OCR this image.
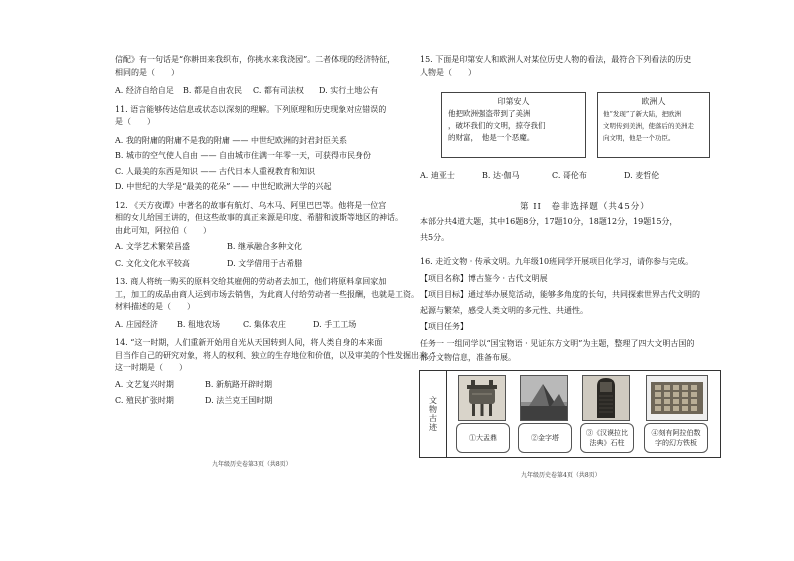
信配》有一句话是“你耕田来我织布，你挑水来我浇园”。二者体现的经济特征，

相同的是（　　）

A. 经济自给自足	B. 都是自由农民	C. 都有司法权	D. 实行土地公有

11. 语言能够传达信息或状态以深刻的理解。下列原理和历史现象对应错误的

是（　　）

A. 我的附庸的附庸不是我的附庸 —— 中世纪欧洲的封君封臣关系

B. 城市的空气使人自由 —— 自由城市住满一年零一天，可获得市民身份

C. 人最美的东西是知识 —— 古代日本人重视教育和知识

D. 中世纪的大学是“最美的花朵” —— 中世纪欧洲大学的兴起

12. 《天方夜谭》中著名的故事有航灯、乌木马、阿里巴巴等。他将是一位宫

相的女儿给国王讲的，但这些故事的真正来源是印度、希腊和波斯等地区的神话。

由此可知，阿拉伯（　　）

A. 文学艺术繁荣昌盛	B. 继承融合多种文化
C. 文化文化水平较高	D. 文学借用于古希腊

13. 商人将统一购买的原料交给其雇佣的劳动者去加工，他们将原料拿回家加

工，加工的成品由商人运到市场去销售，为此商人付给劳动者一些报酬，也就是工资。

材料描述的是（　　）

A. 庄园经济	B. 租地农场	C. 集体农庄	D. 手工工场

14. “这一时期，人们重新开始用自光从天国转到人间，将人类自身的本来面

目当作自己的研究对象，将人的权利、独立的生存地位和价值，以及审美的个性发掘出来。”

这一时期是（　　）

A. 文艺复兴时期	B. 新航路开辟时期
C. 殖民扩张时期	D. 法兰克王国时期
九年级历史卷第3页（共8页）

15. 下面是印第安人和欧洲人对某位历史人物的看法，最符合下列看法的历史

人物是（　　）

印第安人
他把欧洲强盗带到了美洲
，破坏我们的文明，掠夺我们
的财富，　他是一个恶魔。
欧洲人
他“发现”了新大陆，把欧洲
文明传到美洲，使落后的美洲走
向文明，他是一个功臣。
A. 迪亚士	B. 达·伽马	C. 哥伦布	D. 麦哲伦
第 II　卷非选择题（共45分）

本部分共4道大题，其中16题8分，17题10分，18题12分，19题15分，

共5分。

16. 走近文物 · 传承文明。九年级10班同学开展项目化学习，请你参与完成。

【项目名称】博古鉴今 · 古代文明展

【项目目标】通过举办展览活动，能够多角度的长句，共同探索世界古代文明的

起源与繁荣，感受人类文明的多元性、共通性。

【项目任务】

任务一 一组同学以“国宝物语 · 见证东方文明”为主题，整理了四大文明古国的

部分文物信息，准备布展。

文物古迹
①大盂鼎	②金字塔
③《汉谟拉比
法典》石柱
④刻有阿拉伯数
字的幻方铁板
九年级历史卷第4页（共8页）
